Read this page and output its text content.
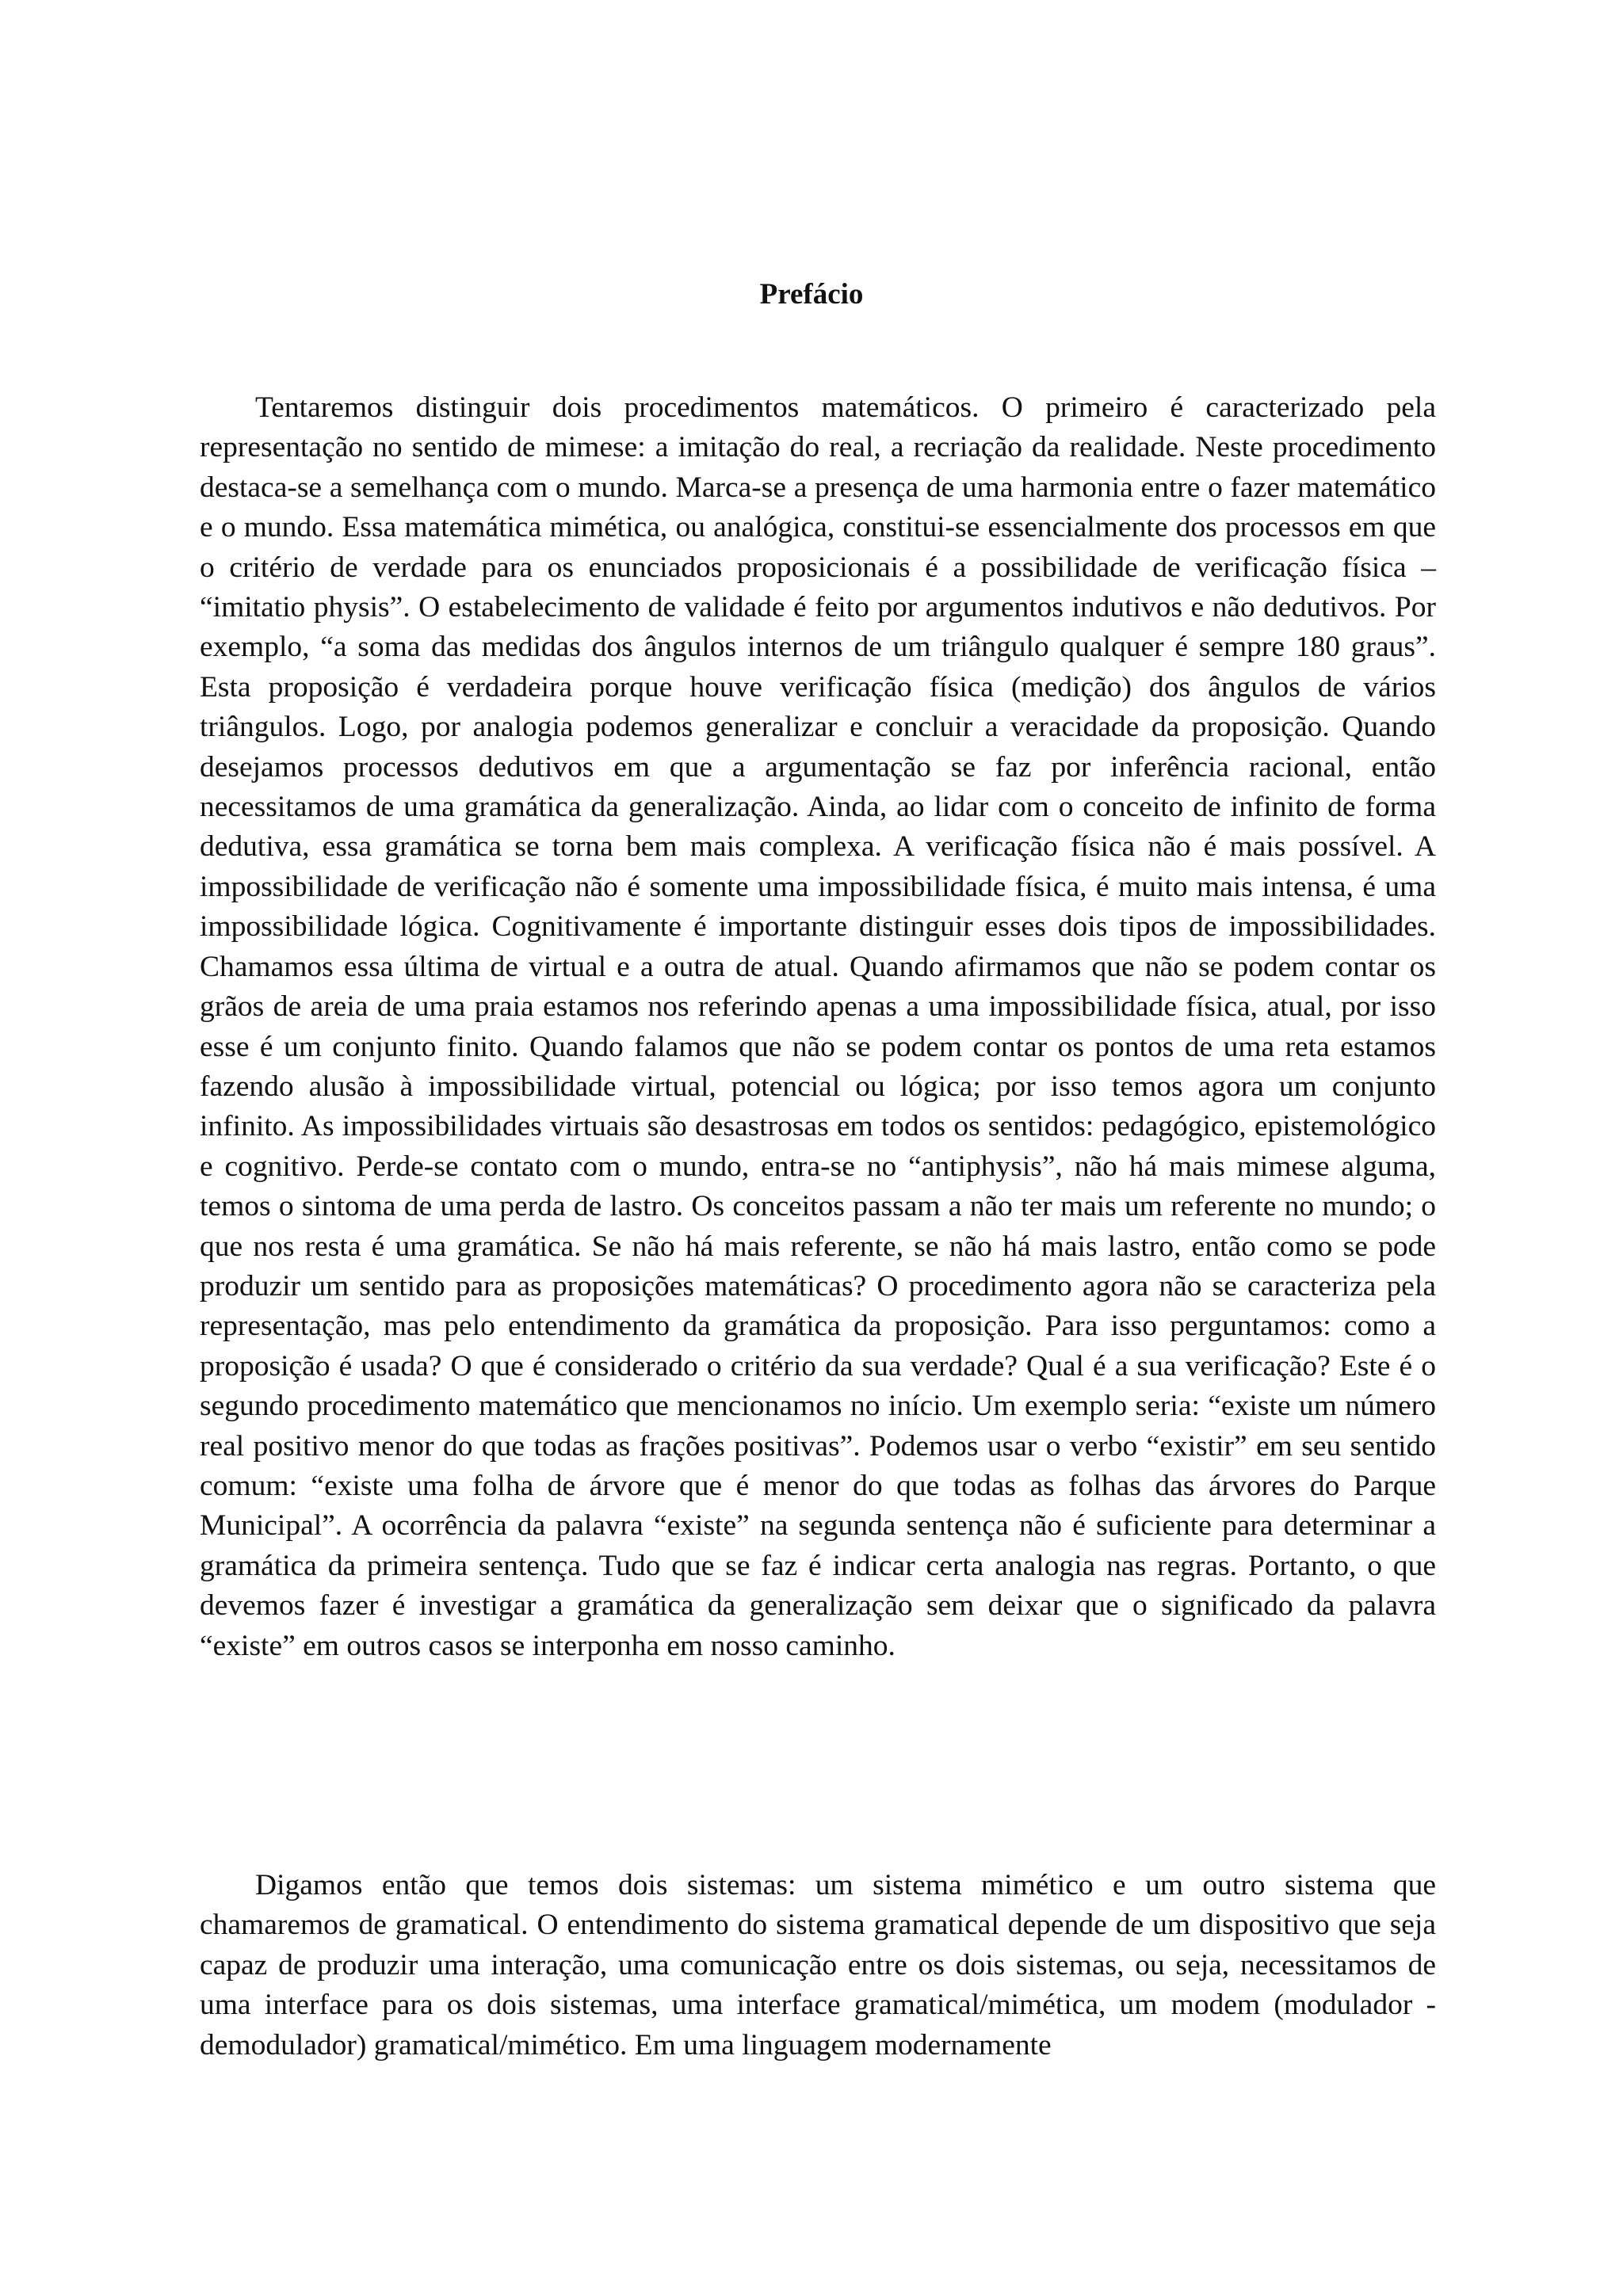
Prefácio

Tentaremos distinguir dois procedimentos matemáticos. O primeiro é caracterizado pela representação no sentido de mimese: a imitação do real, a recriação da realidade. Neste procedimento destaca-se a semelhança com o mundo. Marca-se a presença de uma harmonia entre o fazer matemático e o mundo. Essa matemática mimética, ou analógica, constitui-se essencialmente dos processos em que o critério de verdade para os enunciados proposicionais é a possibilidade de verificação física – “imitatio physis”. O estabelecimento de validade é feito por argumentos indutivos e não dedutivos. Por exemplo, “a soma das medidas dos ângulos internos de um triângulo qualquer é sempre 180 graus”. Esta proposição é verdadeira porque houve verificação física (medição) dos ângulos de vários triângulos. Logo, por analogia podemos generalizar e concluir a veracidade da proposição. Quando desejamos processos dedutivos em que a argumentação se faz por inferência racional, então necessitamos de uma gramática da generalização. Ainda, ao lidar com o conceito de infinito de forma dedutiva, essa gramática se torna bem mais complexa. A verificação física não é mais possível. A impossibilidade de verificação não é somente uma impossibilidade física, é muito mais intensa, é uma impossibilidade lógica. Cognitivamente é importante distinguir esses dois tipos de impossibilidades. Chamamos essa última de virtual e a outra de atual. Quando afirmamos que não se podem contar os grãos de areia de uma praia estamos nos referindo apenas a uma impossibilidade física, atual, por isso esse é um conjunto finito. Quando falamos que não se podem contar os pontos de uma reta estamos fazendo alusão à impossibilidade virtual, potencial ou lógica; por isso temos agora um conjunto infinito. As impossibilidades virtuais são desastrosas em todos os sentidos: pedagógico, epistemológico e cognitivo. Perde-se contato com o mundo, entra-se no “antiphysis”, não há mais mimese alguma, temos o sintoma de uma perda de lastro. Os conceitos passam a não ter mais um referente no mundo; o que nos resta é uma gramática. Se não há mais referente, se não há mais lastro, então como se pode produzir um sentido para as proposições matemáticas? O procedimento agora não se caracteriza pela representação, mas pelo entendimento da gramática da proposição. Para isso perguntamos: como a proposição é usada? O que é considerado o critério da sua verdade? Qual é a sua verificação? Este é o segundo procedimento matemático que mencionamos no início. Um exemplo seria: “existe um número real positivo menor do que todas as frações positivas”. Podemos usar o verbo “existir” em seu sentido comum: “existe uma folha de árvore que é menor do que todas as folhas das árvores do Parque Municipal”. A ocorrência da palavra “existe” na segunda sentença não é suficiente para determinar a gramática da primeira sentença. Tudo que se faz é indicar certa analogia nas regras. Portanto, o que devemos fazer é investigar a gramática da generalização sem deixar que o significado da palavra “existe” em outros casos se interponha em nosso caminho.

Digamos então que temos dois sistemas: um sistema mimético e um outro sistema que chamaremos de gramatical. O entendimento do sistema gramatical depende de um dispositivo que seja capaz de produzir uma interação, uma comunicação entre os dois sistemas, ou seja, necessitamos de uma interface para os dois sistemas, uma interface gramatical/mimética, um modem (modulador - demodulador) gramatical/mimético. Em uma linguagem modernamente
